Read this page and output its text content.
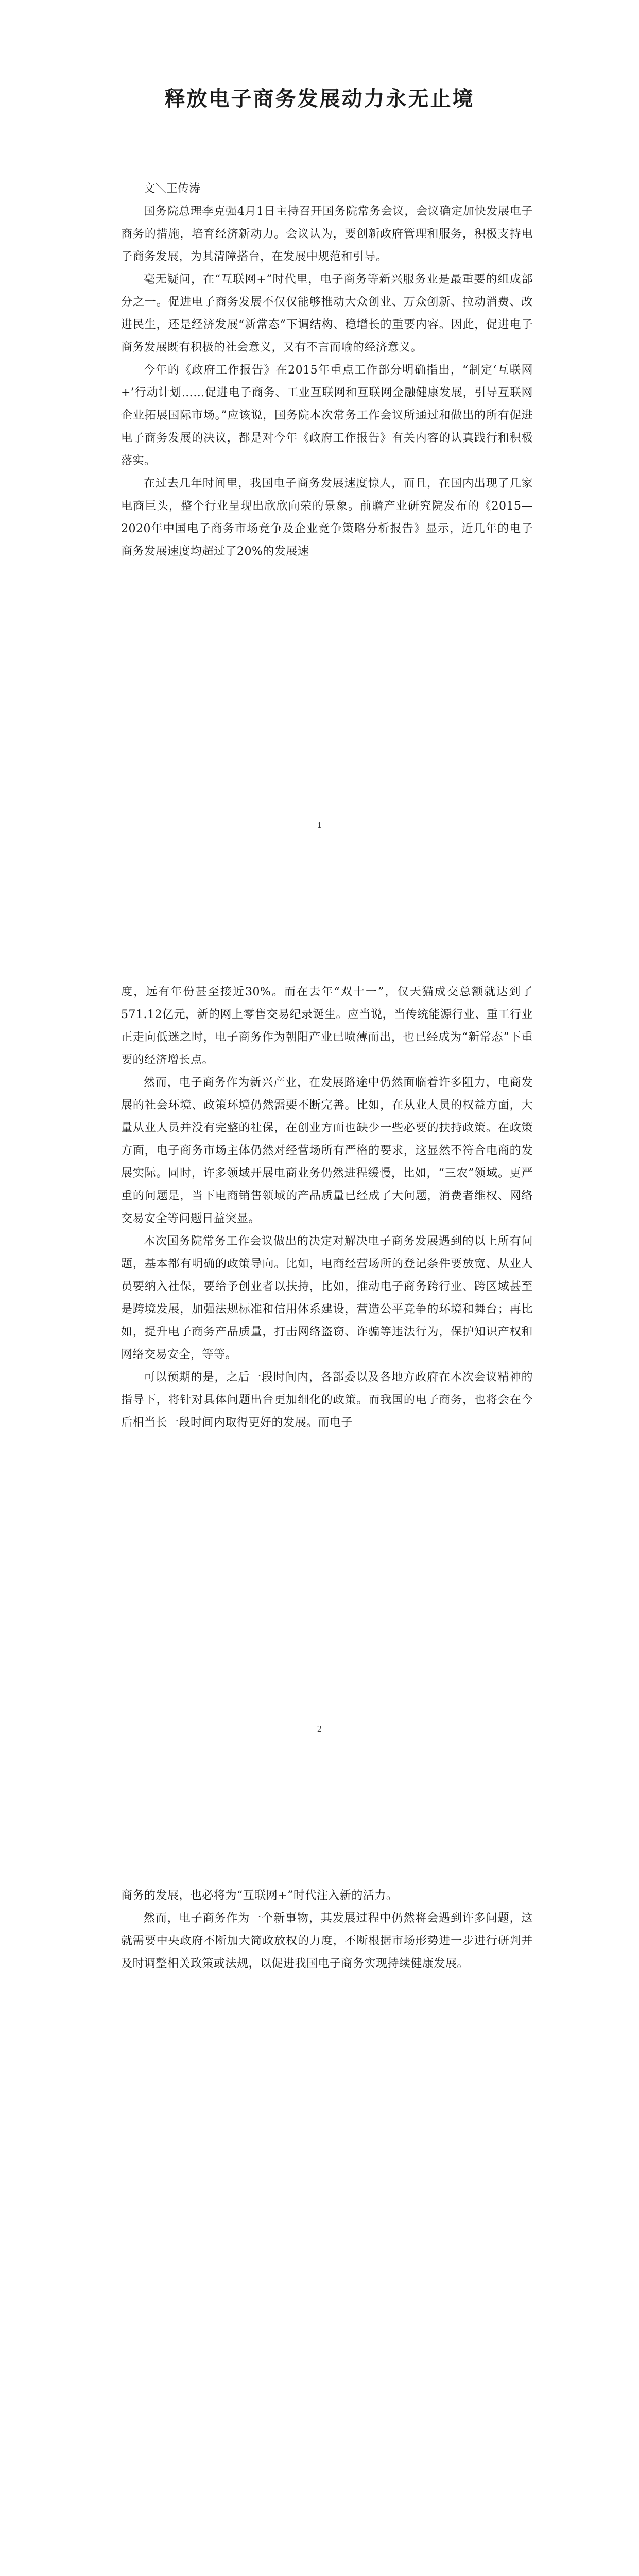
释放电子商务发展动力永无止境
文＼王传涛

国务院总理李克强4月1日主持召开国务院常务会议，会议确定加快发展电子商务的措施，培育经济新动力。会议认为，要创新政府管理和服务，积极支持电子商务发展，为其清障搭台，在发展中规范和引导。

毫无疑问，在“互联网+”时代里，电子商务等新兴服务业是最重要的组成部分之一。促进电子商务发展不仅仅能够推动大众创业、万众创新、拉动消费、改进民生，还是经济发展“新常态”下调结构、稳增长的重要内容。因此，促进电子商务发展既有积极的社会意义，又有不言而喻的经济意义。

今年的《政府工作报告》在2015年重点工作部分明确指出，“制定‘互联网+’行动计划……促进电子商务、工业互联网和互联网金融健康发展，引导互联网企业拓展国际市场。”应该说，国务院本次常务工作会议所通过和做出的所有促进电子商务发展的决议，都是对今年《政府工作报告》有关内容的认真践行和积极落实。

在过去几年时间里，我国电子商务发展速度惊人，而且，在国内出现了几家电商巨头，整个行业呈现出欣欣向荣的景象。前瞻产业研究院发布的《2015—2020年中国电子商务市场竞争及企业竞争策略分析报告》显示，近几年的电子商务发展速度均超过了20%的发展速

1

度，远有年份甚至接近30%。而在去年“双十一”，仅天猫成交总额就达到了571.12亿元，新的网上零售交易纪录诞生。应当说，当传统能源行业、重工行业正走向低迷之时，电子商务作为朝阳产业已喷薄而出，也已经成为“新常态”下重要的经济增长点。

然而，电子商务作为新兴产业，在发展路途中仍然面临着许多阻力，电商发展的社会环境、政策环境仍然需要不断完善。比如，在从业人员的权益方面，大量从业人员并没有完整的社保，在创业方面也缺少一些必要的扶持政策。在政策方面，电子商务市场主体仍然对经营场所有严格的要求，这显然不符合电商的发展实际。同时，许多领域开展电商业务仍然进程缓慢，比如，“三农”领域。更严重的问题是，当下电商销售领域的产品质量已经成了大问题，消费者维权、网络交易安全等问题日益突显。

本次国务院常务工作会议做出的决定对解决电子商务发展遇到的以上所有问题，基本都有明确的政策导向。比如，电商经营场所的登记条件要放宽、从业人员要纳入社保，要给予创业者以扶持，比如，推动电子商务跨行业、跨区域甚至是跨境发展，加强法规标准和信用体系建设，营造公平竞争的环境和舞台；再比如，提升电子商务产品质量，打击网络盗窃、诈骗等违法行为，保护知识产权和网络交易安全，等等。

可以预期的是，之后一段时间内，各部委以及各地方政府在本次会议精神的指导下，将针对具体问题出台更加细化的政策。而我国的电子商务，也将会在今后相当长一段时间内取得更好的发展。而电子

2

商务的发展，也必将为“互联网+”时代注入新的活力。

然而，电子商务作为一个新事物，其发展过程中仍然将会遇到许多问题，这就需要中央政府不断加大简政放权的力度，不断根据市场形势进一步进行研判并及时调整相关政策或法规，以促进我国电子商务实现持续健康发展。
